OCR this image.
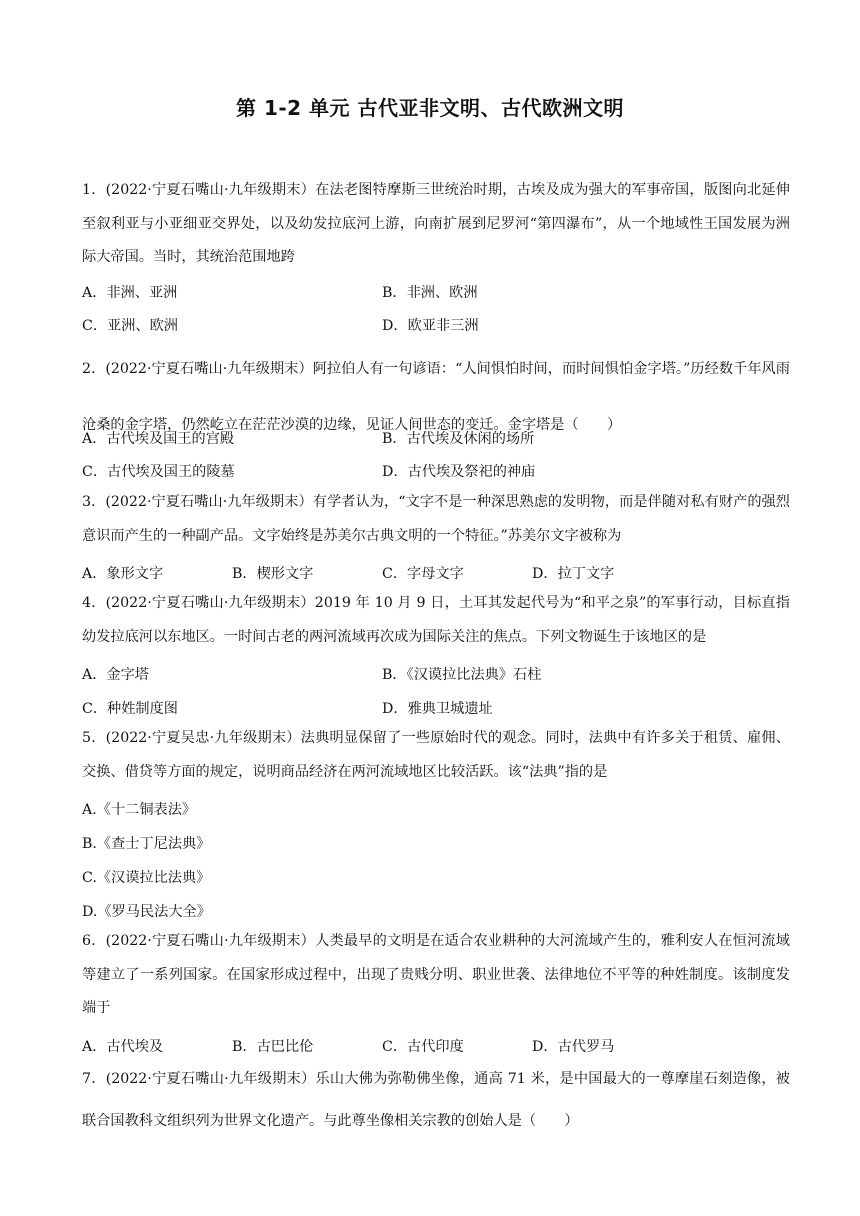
第 1-2 单元 古代亚非文明、古代欧洲文明
1．(2022·宁夏石嘴山·九年级期末）在法老图特摩斯三世统治时期，古埃及成为强大的军事帝国，版图向北延伸至叙利亚与小亚细亚交界处，以及幼发拉底河上游，向南扩展到尼罗河“第四瀑布”，从一个地域性王国发展为洲际大帝国。当时，其统治范围地跨
A．非洲、亚洲	B．非洲、欧洲
C．亚洲、欧洲	D．欧亚非三洲
2．(2022·宁夏石嘴山·九年级期末）阿拉伯人有一句谚语：“人间惧怕时间，而时间惧怕金字塔。”历经数千年风雨沧桑的金字塔，仍然屹立在茫茫沙漠的边缘，见证人间世态的变迁。金字塔是（　　）
A．古代埃及国王的宫殿	B．古代埃及休闲的场所
C．古代埃及国王的陵墓	D．古代埃及祭祀的神庙
3．(2022·宁夏石嘴山·九年级期末）有学者认为，“文字不是一种深思熟虑的发明物，而是伴随对私有财产的强烈意识而产生的一种副产品。文字始终是苏美尔古典文明的一个特征。”苏美尔文字被称为
A．象形文字	B．楔形文字	C．字母文字	D．拉丁文字
4．(2022·宁夏石嘴山·九年级期末）2019 年 10 月 9 日，土耳其发起代号为“和平之泉”的军事行动，目标直指幼发拉底河以东地区。一时间古老的两河流域再次成为国际关注的焦点。下列文物诞生于该地区的是
A．金字塔	B．《汉谟拉比法典》石柱
C．种姓制度图	D．雅典卫城遗址
5．(2022·宁夏吴忠·九年级期末）法典明显保留了一些原始时代的观念。同时，法典中有许多关于租赁、雇佣、交换、借贷等方面的规定，说明商品经济在两河流域地区比较活跃。该“法典”指的是
A.《十二铜表法》
B.《查士丁尼法典》
C.《汉谟拉比法典》
D.《罗马民法大全》
6．(2022·宁夏石嘴山·九年级期末）人类最早的文明是在适合农业耕种的大河流域产生的，雅利安人在恒河流域等建立了一系列国家。在国家形成过程中，出现了贵贱分明、职业世袭、法律地位不平等的种姓制度。该制度发端于
A．古代埃及	B．古巴比伦	C．古代印度	D．古代罗马
7．(2022·宁夏石嘴山·九年级期末）乐山大佛为弥勒佛坐像，通高 71 米，是中国最大的一尊摩崖石刻造像，被联合国教科文组织列为世界文化遗产。与此尊坐像相关宗教的创始人是（　　）
